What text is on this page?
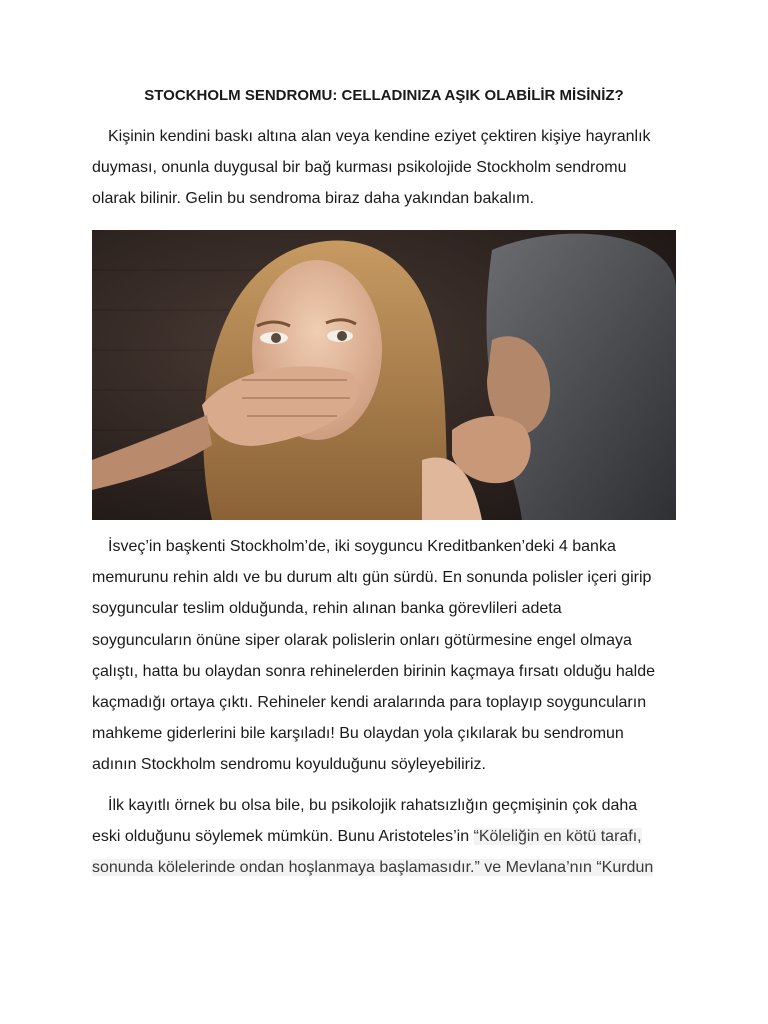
STOCKHOLM SENDROMU: CELLADINIZA AŞIK OLABİLİR MİSİNİZ?

Kişinin kendini baskı altına alan veya kendine eziyet çektiren kişiye hayranlık
duyması, onunla duygusal bir bağ kurması psikolojide Stockholm sendromu
olarak bilinir. Gelin bu sendroma biraz daha yakından bakalım.

İsveç’in başkenti Stockholm’de, iki soyguncu Kreditbanken’deki 4 banka
memurunu rehin aldı ve bu durum altı gün sürdü. En sonunda polisler içeri girip
soyguncular teslim olduğunda, rehin alınan banka görevlileri adeta
soyguncuların önüne siper olarak polislerin onları götürmesine engel olmaya
çalıştı, hatta bu olaydan sonra rehinelerden birinin kaçmaya fırsatı olduğu halde
kaçmadığı ortaya çıktı. Rehineler kendi aralarında para toplayıp soyguncuların
mahkeme giderlerini bile karşıladı! Bu olaydan yola çıkılarak bu sendromun
adının Stockholm sendromu koyulduğunu söyleyebiliriz.

İlk kayıtlı örnek bu olsa bile, bu psikolojik rahatsızlığın geçmişinin çok daha
eski olduğunu söylemek mümkün. Bunu Aristoteles’in “Köleliğin en kötü tarafı,
sonunda kölelerinde ondan hoşlanmaya başlamasıdır.” ve Mevlana’nın “Kurdun
